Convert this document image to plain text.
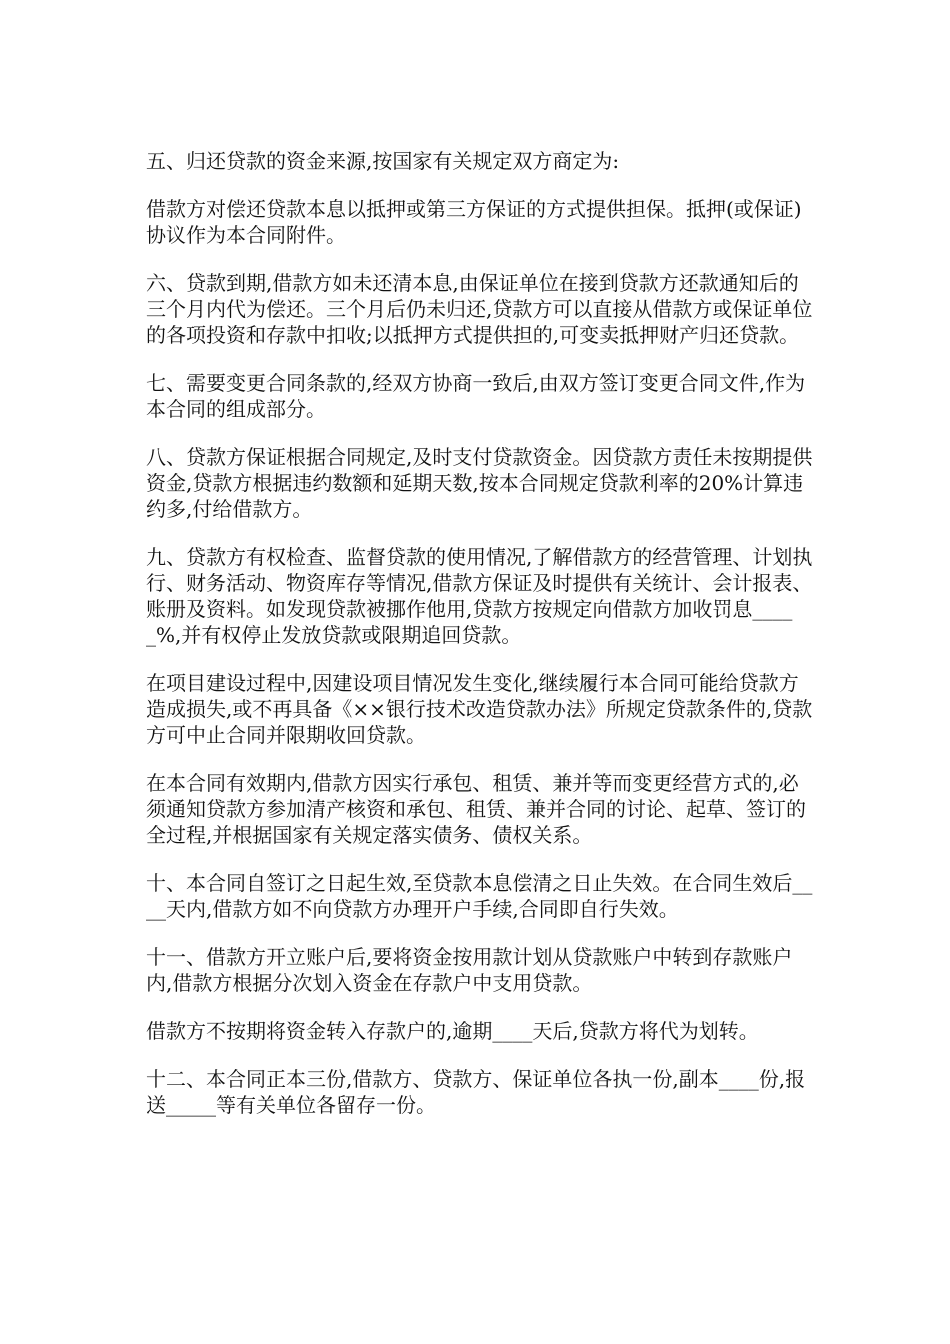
五、归还贷款的资金来源,按国家有关规定双方商定为:

借款方对偿还贷款本息以抵押或第三方保证的方式提供担保。抵押(或保证)协议作为本合同附件。

六、贷款到期,借款方如未还清本息,由保证单位在接到贷款方还款通知后的三个月内代为偿还。三个月后仍未归还,贷款方可以直接从借款方或保证单位的各项投资和存款中扣收;以抵押方式提供担的,可变卖抵押财产归还贷款。

七、需要变更合同条款的,经双方协商一致后,由双方签订变更合同文件,作为本合同的组成部分。

八、贷款方保证根据合同规定,及时支付贷款资金。因贷款方责任未按期提供资金,贷款方根据违约数额和延期天数,按本合同规定贷款利率的20%计算违约多,付给借款方。

九、贷款方有权检查、监督贷款的使用情况,了解借款方的经营管理、计划执行、财务活动、物资库存等情况,借款方保证及时提供有关统计、会计报表、账册及资料。如发现贷款被挪作他用,贷款方按规定向借款方加收罚息_____%,并有权停止发放贷款或限期追回贷款。

在项目建设过程中,因建设项目情况发生变化,继续履行本合同可能给贷款方造成损失,或不再具备《××银行技术改造贷款办法》所规定贷款条件的,贷款方可中止合同并限期收回贷款。

在本合同有效期内,借款方因实行承包、租赁、兼并等而变更经营方式的,必须通知贷款方参加清产核资和承包、租赁、兼并合同的讨论、起草、签订的全过程,并根据国家有关规定落实债务、债权关系。

十、本合同自签订之日起生效,至贷款本息偿清之日止失效。在合同生效后____天内,借款方如不向贷款方办理开户手续,合同即自行失效。

十一、借款方开立账户后,要将资金按用款计划从贷款账户中转到存款账户内,借款方根据分次划入资金在存款户中支用贷款。

借款方不按期将资金转入存款户的,逾期____天后,贷款方将代为划转。

十二、本合同正本三份,借款方、贷款方、保证单位各执一份,副本____份,报送_____等有关单位各留存一份。
